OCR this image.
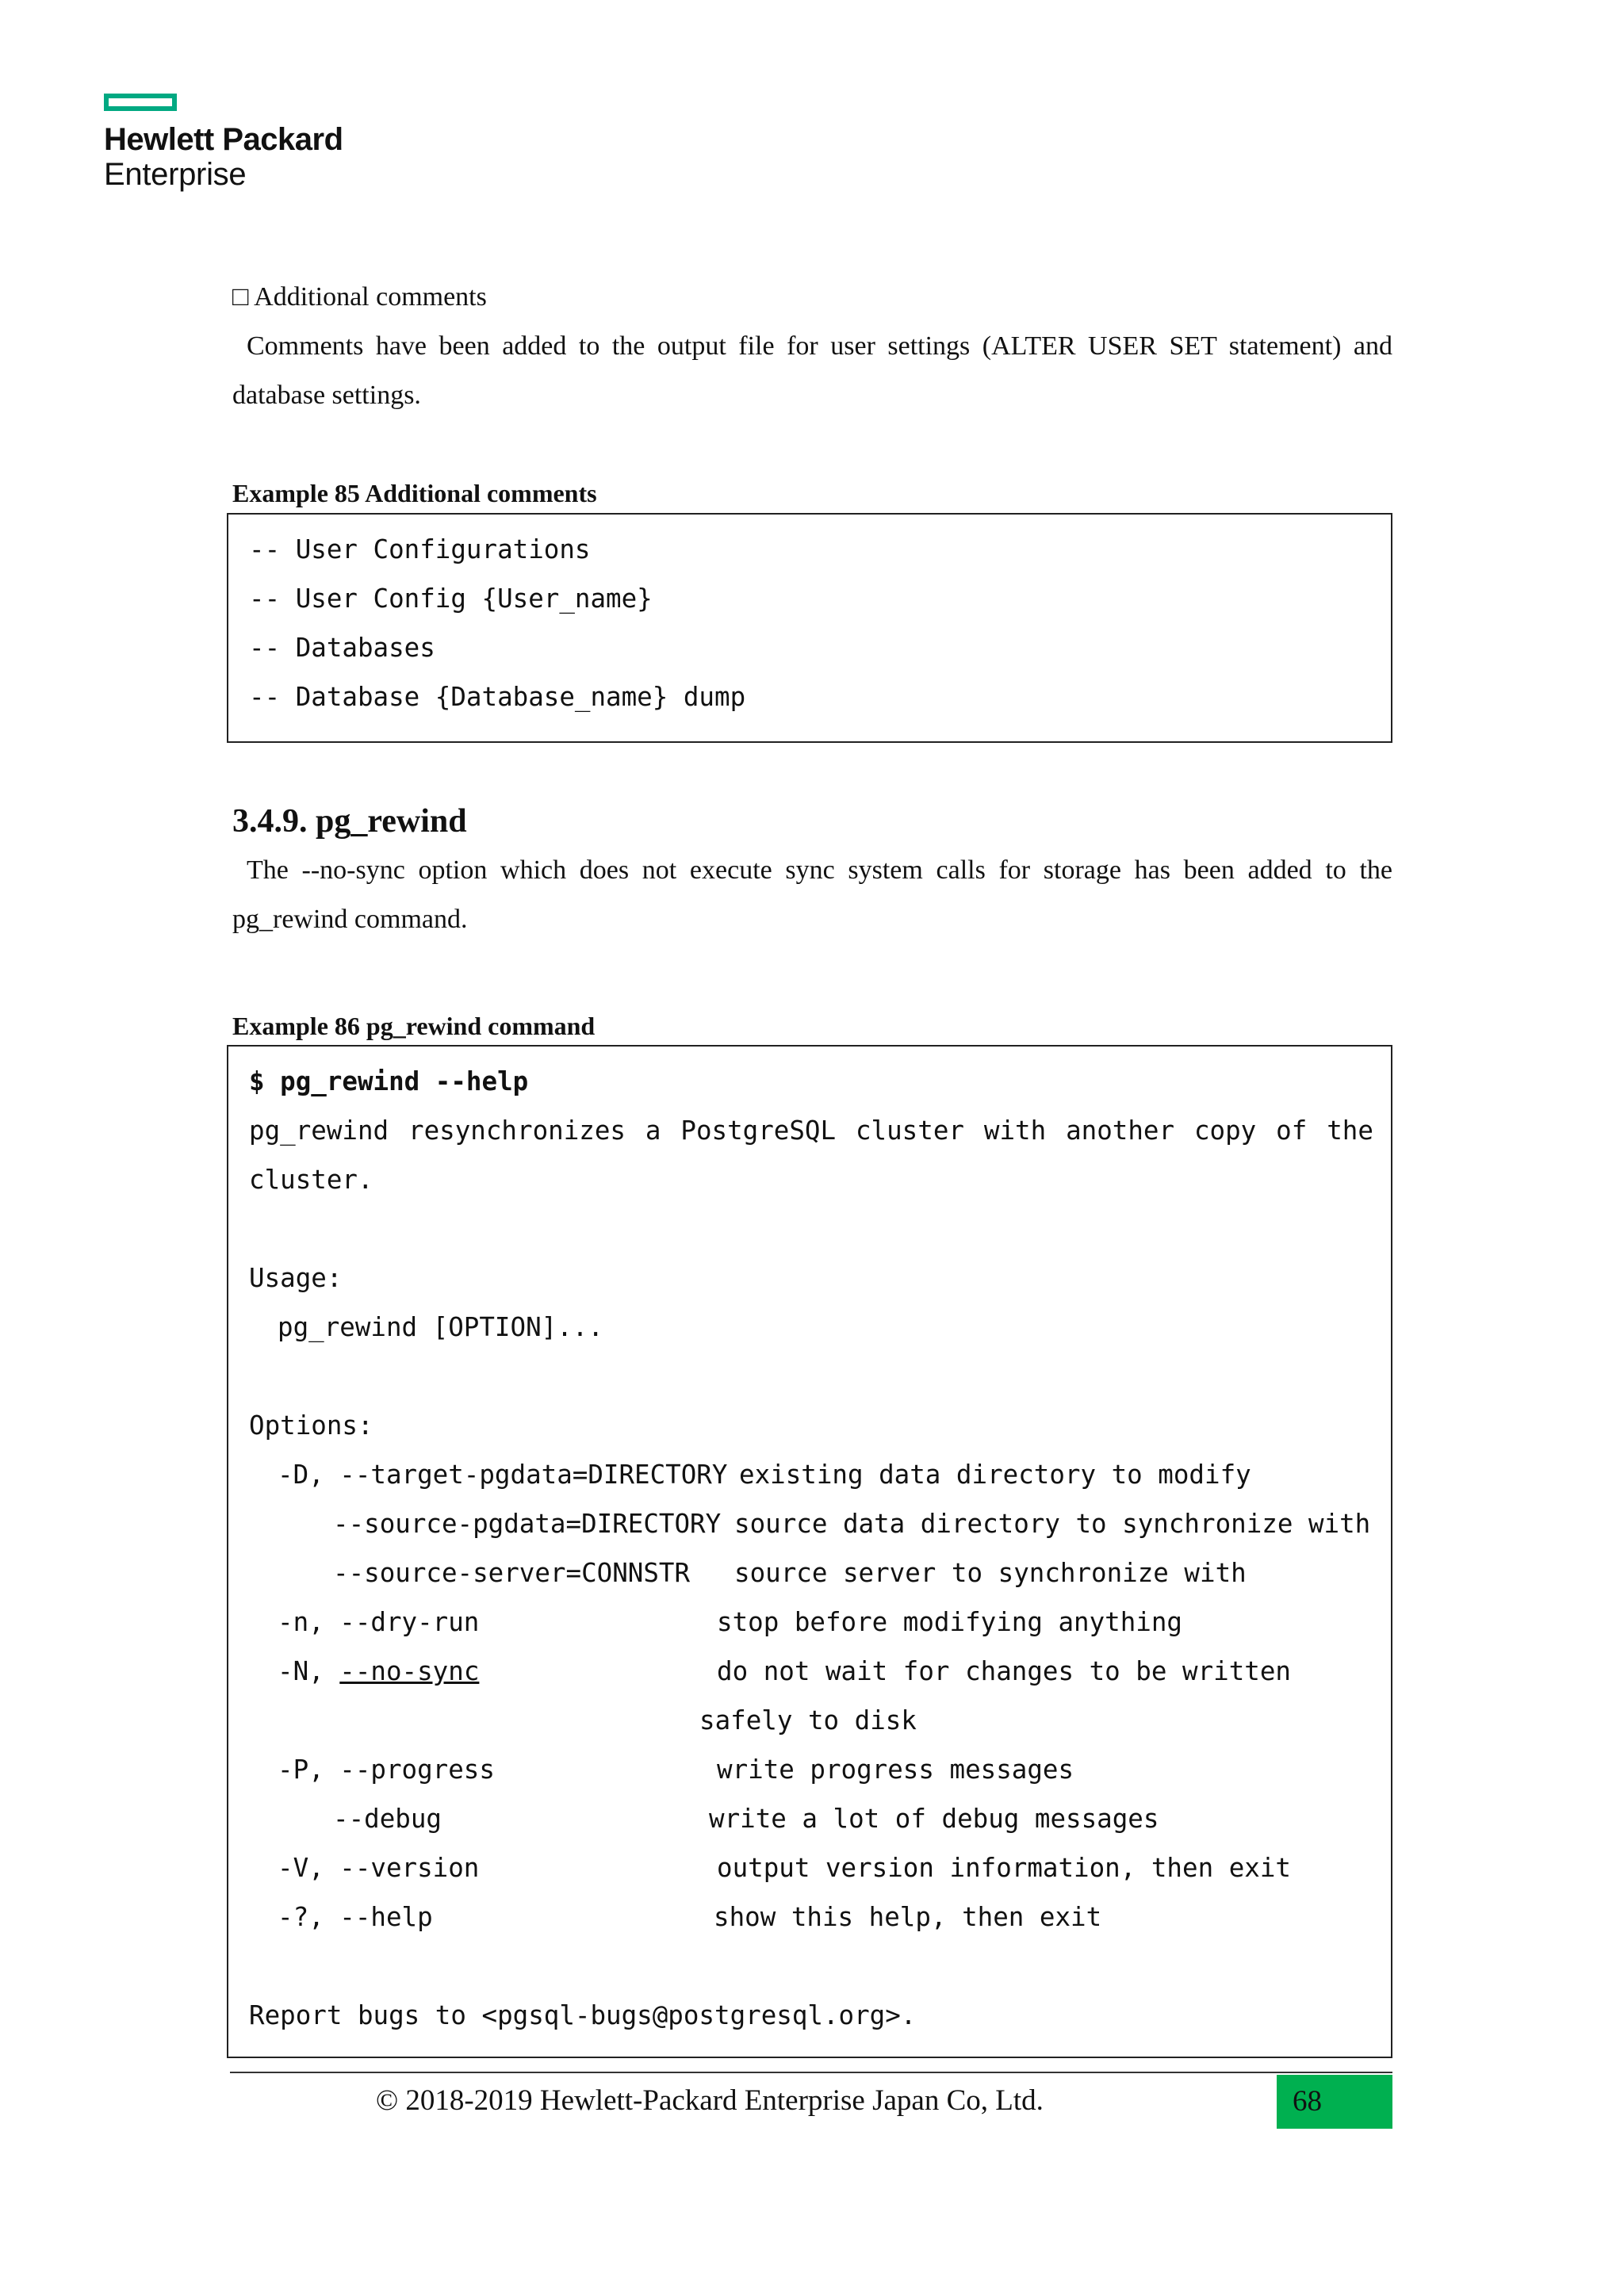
Hewlett Packard
Enterprise
□ Additional comments
Comments have been added to the output file for user settings (ALTER USER SET statement) and database settings.
Example 85 Additional comments
-- User Configurations
-- User Config {User_name}
-- Databases
-- Database {Database_name} dump
3.4.9. pg_rewind
The --no-sync option which does not execute sync system calls for storage has been added to the pg_rewind command.
Example 86 pg_rewind command
$ pg_rewind --help
pg_rewind resynchronizes a PostgreSQL cluster with another copy of the
cluster.
Usage:
pg_rewind [OPTION]...
Options:
-D, --target-pgdata=DIRECTORY existing data directory to modify
--source-pgdata=DIRECTORY source data directory to synchronize with
--source-server=CONNSTR source server to synchronize with
-n, --dry-run	stop before modifying anything
-N, --no-sync	do not wait for changes to be written
safely to disk
-P, --progress	write progress messages
--debug	write a lot of debug messages
-V, --version	output version information, then exit
-?, --help	show this help, then exit
Report bugs to <pgsql-bugs@postgresql.org>.
© 2018-2019 Hewlett-Packard Enterprise Japan Co, Ltd.	68
